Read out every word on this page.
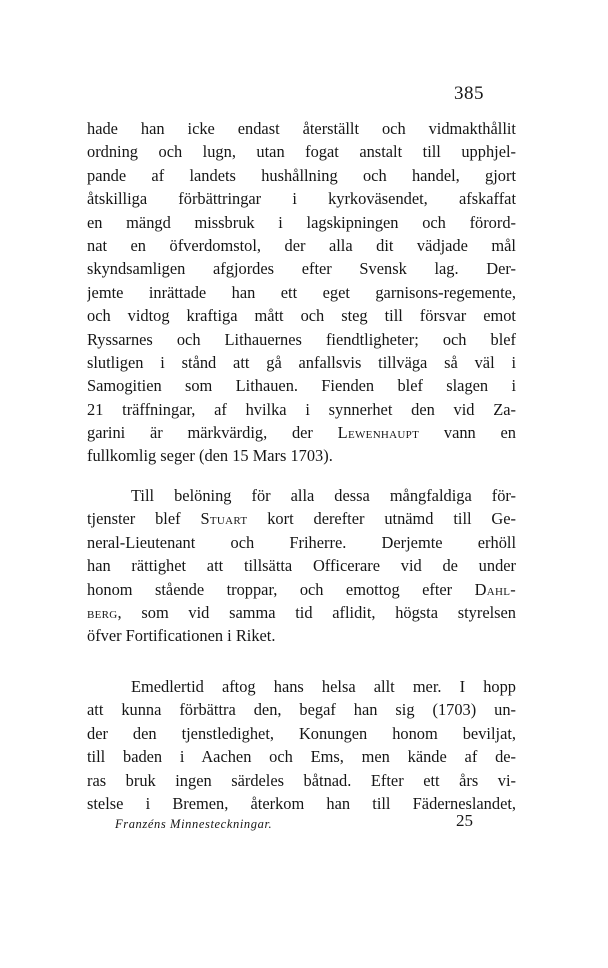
385
hade han icke endast återställt och vidmakthållit
ordning och lugn, utan fogat anstalt till upphjel-
pande af landets hushållning och handel, gjort
åtskilliga förbättringar i kyrkoväsendet, afskaffat
en mängd missbruk i lagskipningen och förord-
nat en öfverdomstol, der alla dit vädjade mål
skyndsamligen afgjordes efter Svensk lag. Der-
jemte inrättade han ett eget garnisons-regemente,
och vidtog kraftiga mått och steg till försvar emot
Ryssarnes och Lithauernes fiendtligheter; och blef
slutligen i stånd att gå anfallsvis tillväga så väl i
Samogitien som Lithauen. Fienden blef slagen i
21 träffningar, af hvilka i synnerhet den vid Za-
garini är märkvärdig, der Lewenhaupt vann en
fullkomlig seger (den 15 Mars 1703).
Till belöning för alla dessa mångfaldiga för-
tjenster blef Stuart kort derefter utnämd till Ge-
neral-Lieutenant och Friherre. Derjemte erhöll
han rättighet att tillsätta Officerare vid de under
honom stående troppar, och emottog efter Dahl-
berg, som vid samma tid aflidit, högsta styrelsen
öfver Fortificationen i Riket.
Emedlertid aftog hans helsa allt mer. I hopp
att kunna förbättra den, begaf han sig (1703) un-
der den tjenstledighet, Konungen honom beviljat,
till baden i Aachen och Ems, men kände af de-
ras bruk ingen särdeles båtnad. Efter ett års vi-
stelse i Bremen, återkom han till Fäderneslandet,
Franzéns Minnesteckningar.	25
